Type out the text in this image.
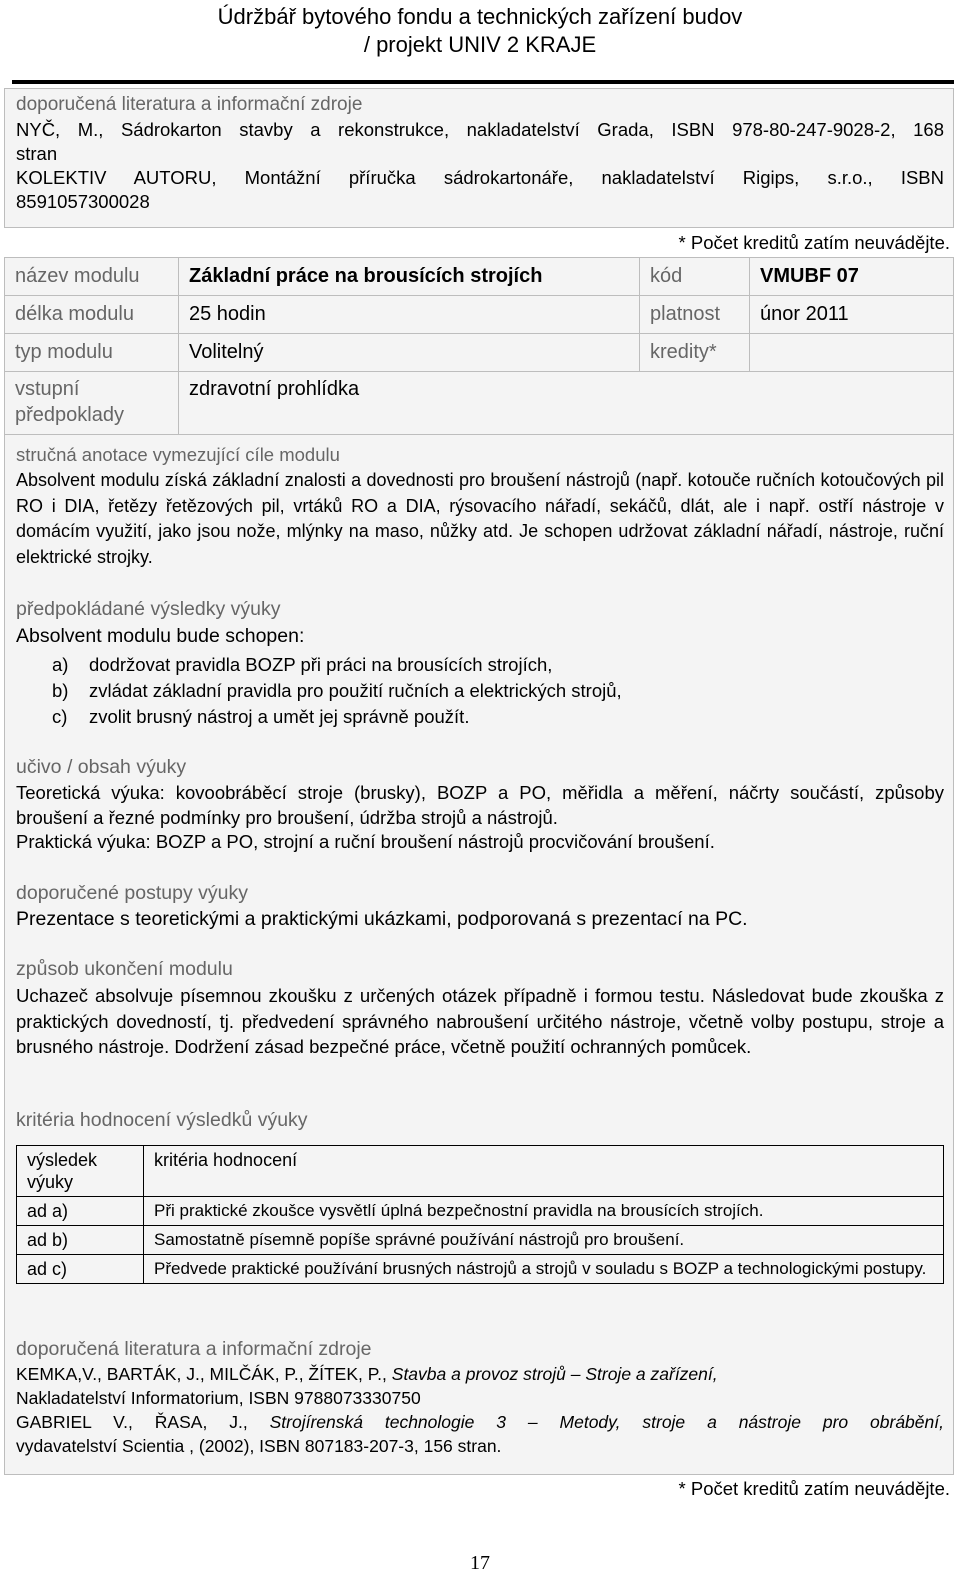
Údržbář bytového fondu a technických zařízení budov
/ projekt UNIV 2 KRAJE
doporučená literatura a informační zdroje
NYČ, M., Sádrokarton stavby a rekonstrukce, nakladatelství Grada, ISBN 978-80-247-9028-2, 168
stran
KOLEKTIV AUTORU, Montážní příručka sádrokartonáře, nakladatelství Rigips, s.r.o., ISBN
8591057300028
* Počet kreditů zatím neuvádějte.
název modulu	Základní práce na brousících strojích	kód	VMUBF 07
délka modulu	25 hodin	platnost	únor 2011
typ modulu	Volitelný	kredity*	
vstupní
předpoklady	zdravotní prohlídka		
stručná anotace vymezující cíle modulu
Absolvent modulu získá základní znalosti a dovednosti pro broušení nástrojů (např. kotouče ručních kotoučových pil RO i DIA, řetězy řetězových pil, vrtáků RO a DIA, rýsovacího nářadí, sekáčů, dlát, ale i např. ostří nástroje v domácím využití, jako jsou nože, mlýnky na maso, nůžky atd. Je schopen udržovat základní nářadí, nástroje, ruční elektrické strojky.
předpokládané výsledky výuky
Absolvent modulu bude schopen:
a) dodržovat pravidla BOZP při práci na brousících strojích,
b) zvládat základní pravidla pro použití ručních a elektrických strojů,
c) zvolit brusný nástroj a umět jej správně použít.
učivo / obsah výuky
Teoretická výuka: kovoobráběcí stroje (brusky), BOZP a PO, měřidla a měření, náčrty součástí, způsoby broušení a řezné podmínky pro broušení, údržba strojů a nástrojů.
Praktická výuka: BOZP a PO, strojní a ruční broušení nástrojů procvičování broušení.
doporučené postupy výuky
Prezentace s teoretickými a praktickými ukázkami, podporovaná s prezentací na PC.
způsob ukončení modulu
Uchazeč absolvuje písemnou zkoušku z určených otázek případně i formou testu. Následovat bude zkouška z praktických dovedností, tj. předvedení správného nabroušení určitého nástroje, včetně volby postupu, stroje a brusného nástroje. Dodržení zásad bezpečné práce, včetně použití ochranných pomůcek.
kritéria hodnocení výsledků výuky
výsledek výuky	kritéria hodnocení
ad a)	Při praktické zkoušce vysvětlí úplná bezpečnostní pravidla na brousících strojích.
ad b)	Samostatně písemně popíše správné používání nástrojů pro broušení.
ad c)	Předvede praktické používání brusných nástrojů a strojů v souladu s BOZP a technologickými postupy.
doporučená literatura a informační zdroje
KEMKA,V., BARTÁK, J., MILČÁK, P., ŽÍTEK, P., Stavba a provoz strojů – Stroje a zařízení,
Nakladatelství Informatorium, ISBN 9788073330750
GABRIEL V., ŘASA, J., Strojírenská technologie 3 – Metody, stroje a nástroje pro obrábění,
vydavatelství Scientia , (2002), ISBN 807183-207-3, 156 stran.
* Počet kreditů zatím neuvádějte.
17
